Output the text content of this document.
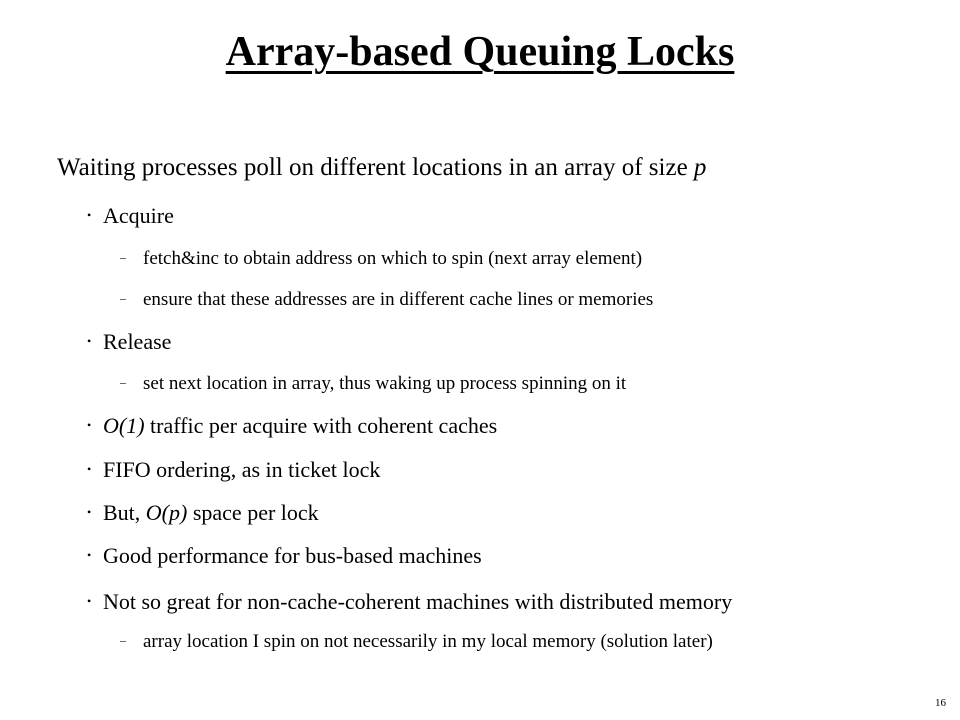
Array-based Queuing Locks
Waiting processes poll on different locations in an array of size p
• Acquire
– fetch&inc to obtain address on which to spin (next array element)
– ensure that these addresses are in different cache lines or memories
• Release
– set next location in array, thus waking up process spinning on it
• O(1) traffic per acquire with coherent caches
• FIFO ordering, as in ticket lock
• But, O(p) space per lock
• Good performance for bus-based machines
• Not so great for non-cache-coherent machines with distributed memory
– array location I spin on not necessarily in my local memory (solution later)
16
